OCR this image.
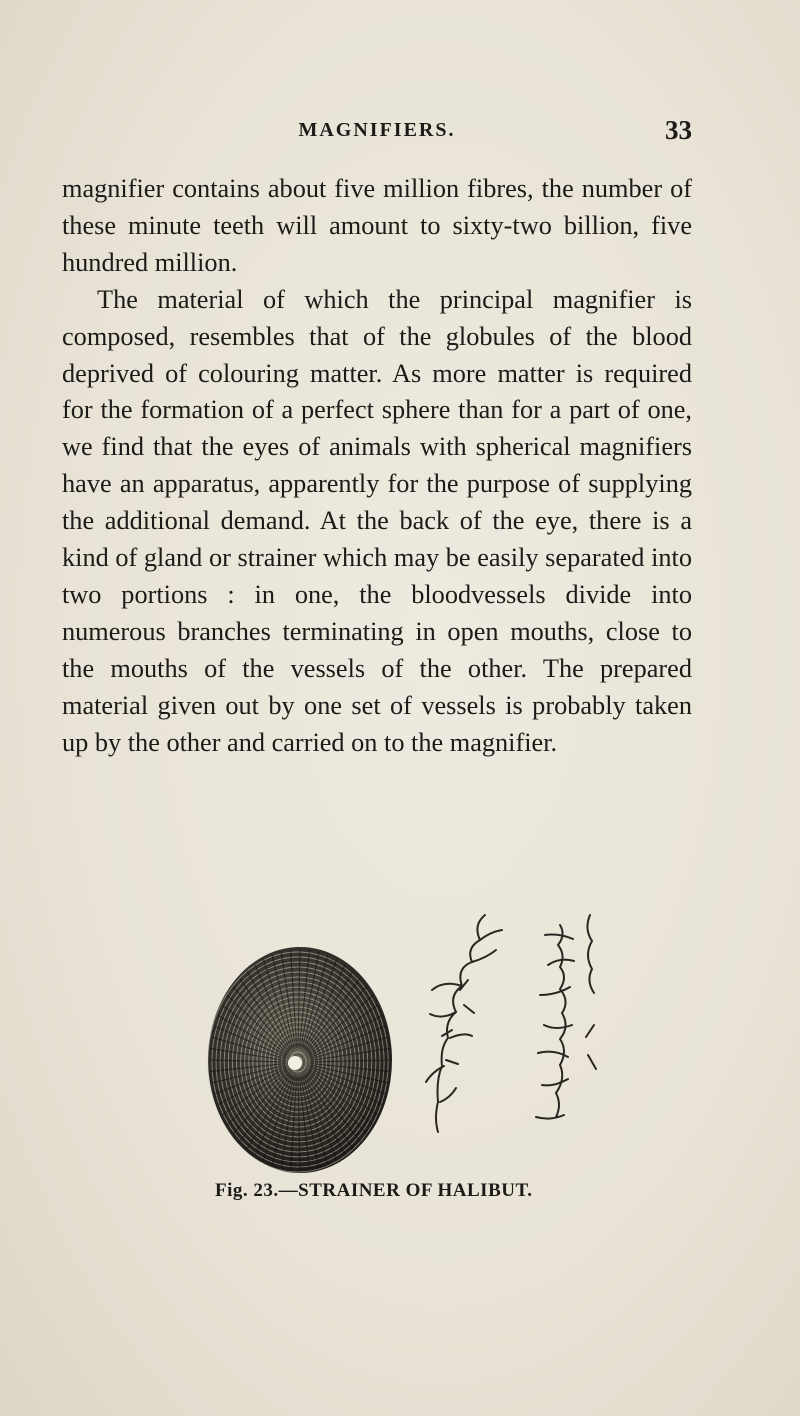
MAGNIFIERS.	33

magnifier contains about five million fibres, the number of these minute teeth will amount to sixty-two billion, five hundred million.

The material of which the principal magnifier is composed, resembles that of the globules of the blood deprived of colouring matter. As more matter is required for the formation of a perfect sphere than for a part of one, we find that the eyes of animals with spherical magnifiers have an apparatus, apparently for the purpose of supplying the additional demand. At the back of the eye, there is a kind of gland or strainer which may be easily separated into two portions : in one, the bloodvessels divide into numerous branches terminating in open mouths, close to the mouths of the vessels of the other. The prepared material given out by one set of vessels is probably taken up by the other and carried on to the magnifier.

Fig. 23.—STRAINER OF HALIBUT.
